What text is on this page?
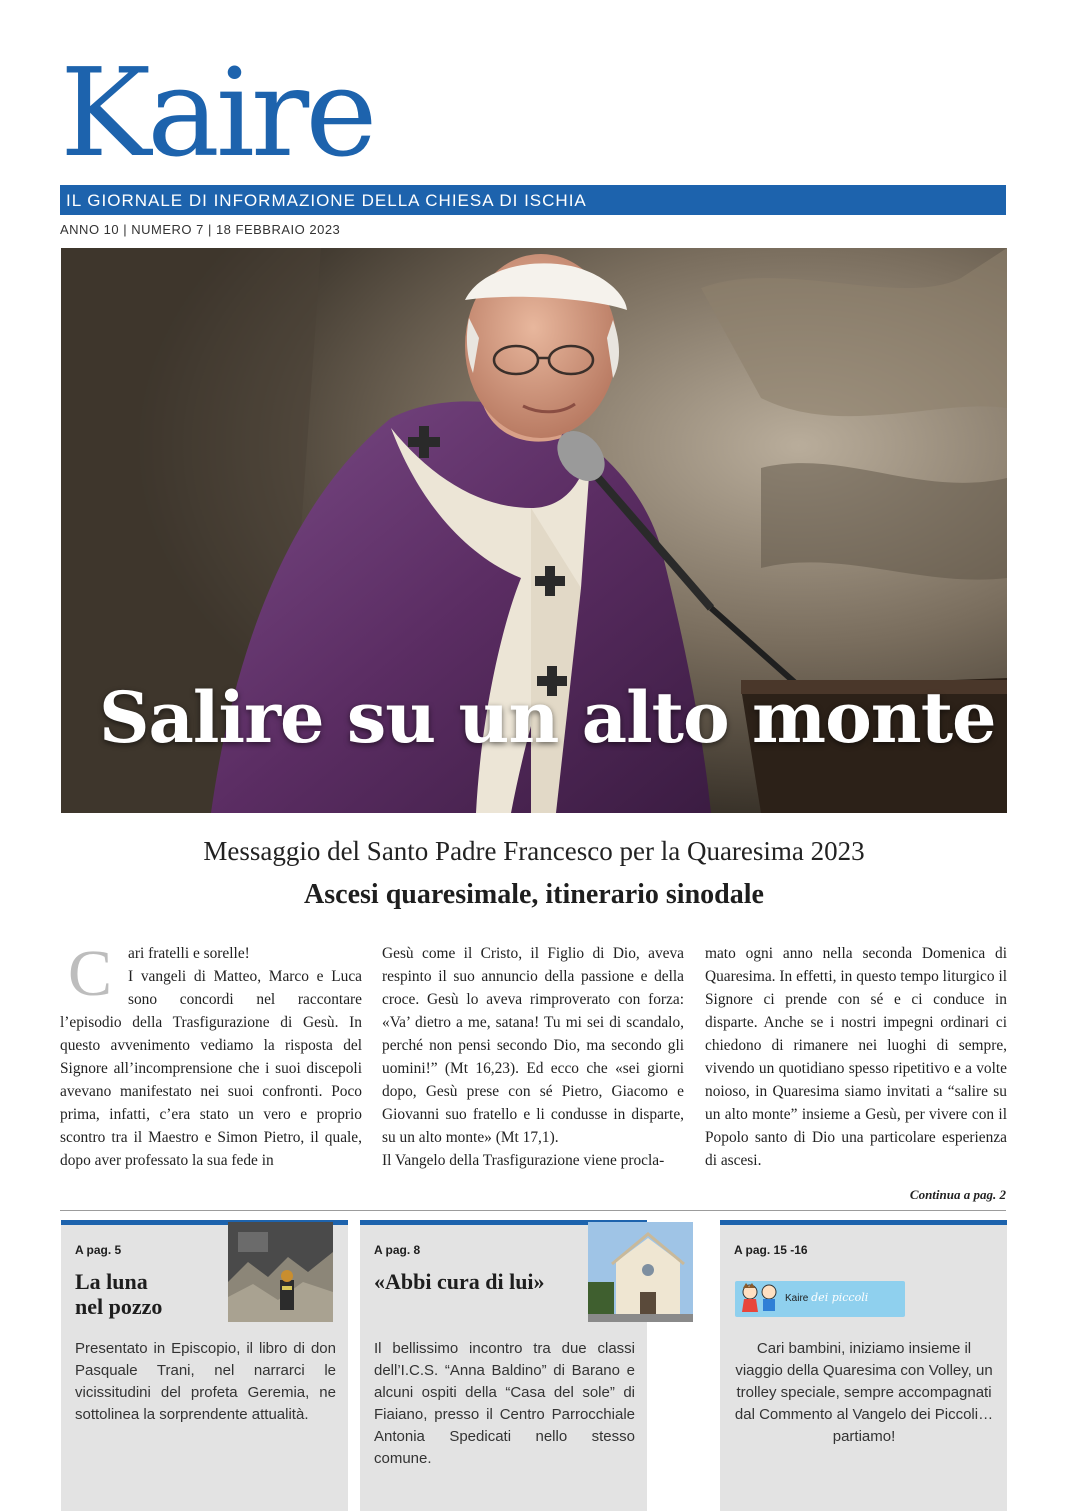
Kaire
IL GIORNALE DI INFORMAZIONE DELLA CHIESA DI ISCHIA
ANNO 10 | NUMERO 7 | 18 FEBBRAIO 2023
Salire su un alto monte
Messaggio del Santo Padre Francesco per la Quaresima 2023
Ascesi quaresimale, itinerario sinodale
C	ari fratelli e sorelle!

I vangeli di Matteo, Marco e Luca sono concordi nel raccontare l’episodio della Trasfigurazione di Gesù. In questo avvenimento vediamo la risposta del Signore all’incomprensione che i suoi discepoli avevano manifestato nei suoi confronti. Poco prima, infatti, c’era stato un vero e proprio scontro tra il Maestro e Simon Pietro, il quale, dopo aver professato la sua fede in

Gesù come il Cristo, il Figlio di Dio, aveva respinto il suo annuncio della passione e della croce. Gesù lo aveva rimproverato con forza: «Va’ dietro a me, satana! Tu mi sei di scandalo, perché non pensi secondo Dio, ma secondo gli uomini!” (Mt 16,23). Ed ecco che «sei giorni dopo, Gesù prese con sé Pietro, Giacomo e Giovanni suo fratello e li condusse in disparte, su un alto monte» (Mt 17,1).

Il Vangelo della Trasfigurazione viene procla-

mato ogni anno nella seconda Domenica di Quaresima. In effetti, in questo tempo liturgico il Signore ci prende con sé e ci conduce in disparte. Anche se i nostri impegni ordinari ci chiedono di rimanere nei luoghi di sempre, vivendo un quotidiano spesso ripetitivo e a volte noioso, in Quaresima siamo invitati a “salire su un alto monte” insieme a Gesù, per vivere con il Popolo santo di Dio una particolare esperienza di ascesi.

Continua a pag. 2
A pag. 5
La luna
nel pozzo
Presentato in Episcopio, il libro di don Pasquale Trani, nel narrarci le vicissitudini del profeta Geremia, ne sottolinea la sorprendente attualità.
A pag. 8
«Abbi cura di lui»
Il bellissimo incontro tra due classi dell’I.C.S. “Anna Baldino” di Barano e alcuni ospiti della “Casa del sole” di Fiaiano, presso il Centro Parrocchiale Antonia Spedicati nello stesso comune.
A pag. 15 -16
Kaire dei piccoli
Cari bambini, iniziamo insieme il viaggio della Quaresima con Volley, un trolley speciale, sempre accompagnati dal Commento al Vangelo dei Piccoli… partiamo!
